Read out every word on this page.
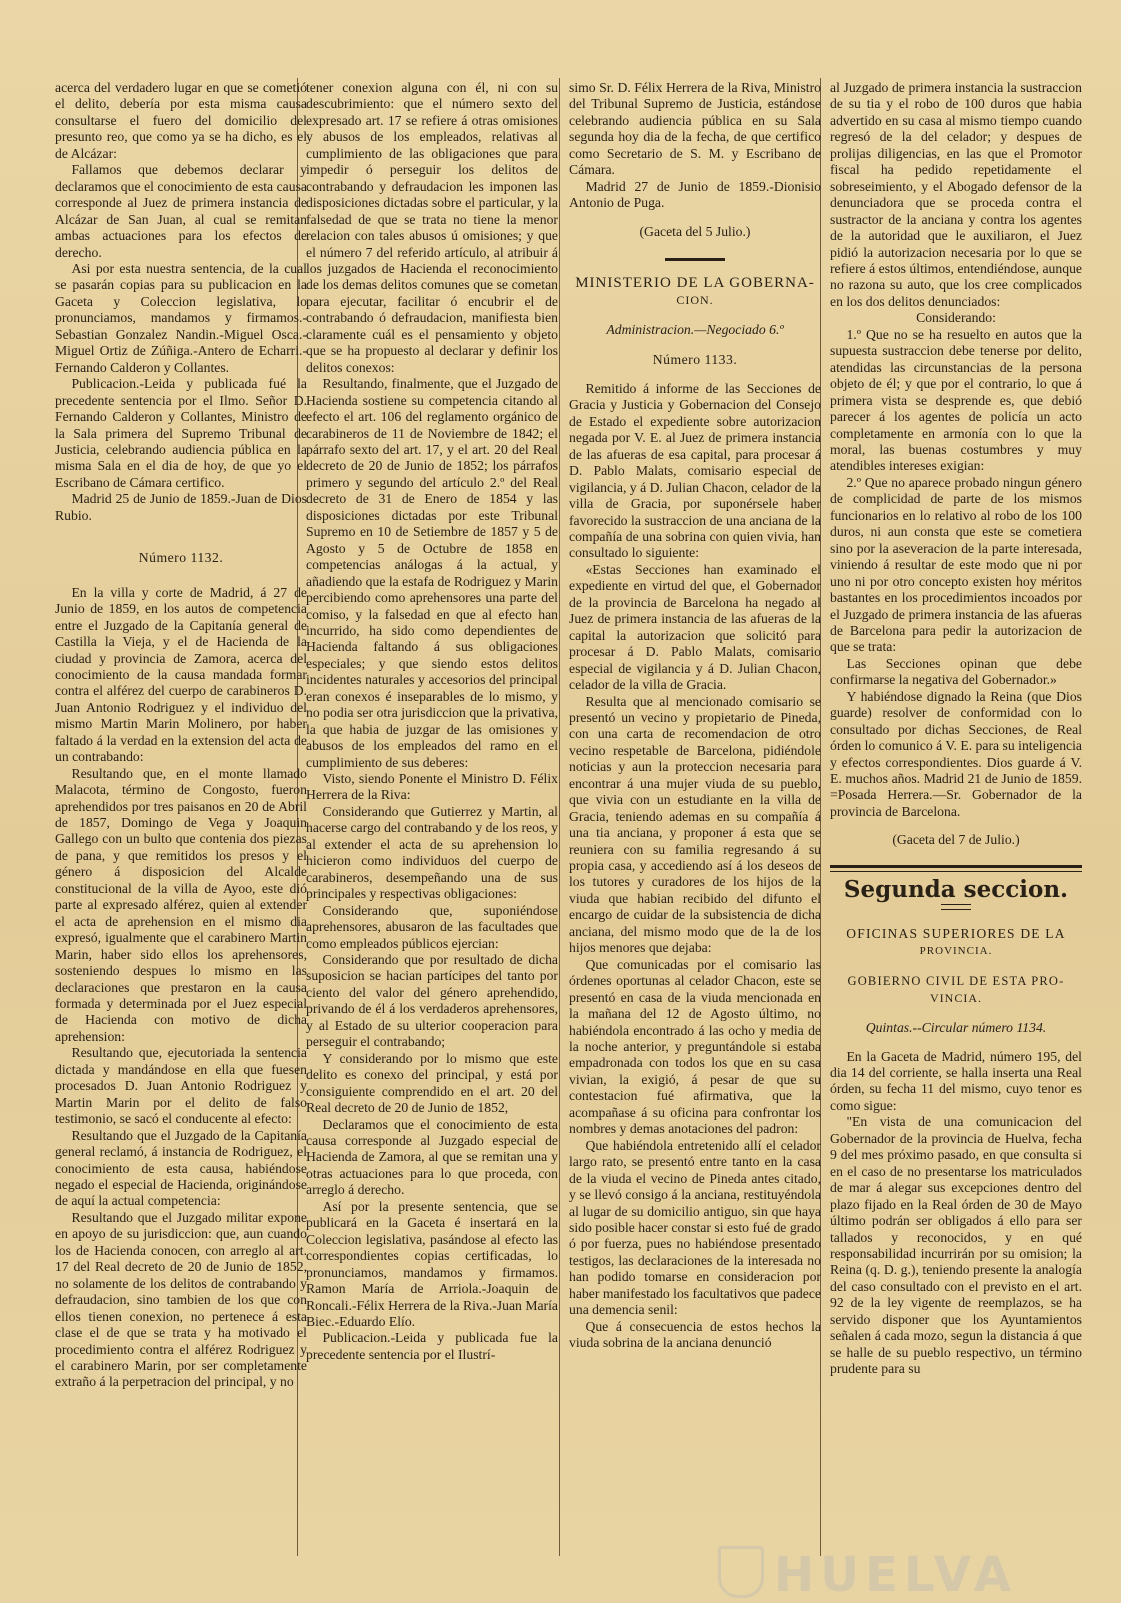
acerca del verdadero lugar en que se cometió el delito, debería por esta misma causa consultarse el fuero del domicilio del presunto reo, que como ya se ha dicho, es el de Alcázar:

Fallamos que debemos declarar y declaramos que el conocimiento de esta causa corresponde al Juez de primera instancia de Alcázar de San Juan, al cual se remitan ambas actuaciones para los efectos de derecho.

Asi por esta nuestra sentencia, de la cual se pasarán copias para su publicacion en la Gaceta y Coleccion legislativa, lo pronunciamos, mandamos y firmamos.-Sebastian Gonzalez Nandin.-Miguel Osca.-Miguel Ortiz de Zúñiga.-Antero de Echarri.-Fernando Calderon y Collantes.

Publicacion.-Leida y publicada fué la precedente sentencia por el Ilmo. Señor D. Fernando Calderon y Collantes, Ministro de la Sala primera del Supremo Tribunal de Justicia, celebrando audiencia pública en la misma Sala en el dia de hoy, de que yo el Escribano de Cámara certifico.

Madrid 25 de Junio de 1859.-Juan de Dios Rubio.

Número 1132.

En la villa y corte de Madrid, á 27 de Junio de 1859, en los autos de competencia entre el Juzgado de la Capitanía general de Castilla la Vieja, y el de Hacienda de la ciudad y provincia de Zamora, acerca del conocimiento de la causa mandada formar contra el alférez del cuerpo de carabineros D. Juan Antonio Rodriguez y el individuo del mismo Martin Marin Molinero, por haber faltado á la verdad en la extension del acta de un contrabando:

Resultando que, en el monte llamado Malacota, término de Congosto, fueron aprehendidos por tres paisanos en 20 de Abril de 1857, Domingo de Vega y Joaquin Gallego con un bulto que contenia dos piezas de pana, y que remitidos los presos y el género á disposicion del Alcalde constitucional de la villa de Ayoo, este dió parte al expresado alférez, quien al extender el acta de aprehension en el mismo dia expresó, igualmente que el carabinero Martin Marin, haber sido ellos los aprehensores, sosteniendo despues lo mismo en las declaraciones que prestaron en la causa formada y determinada por el Juez especial de Hacienda con motivo de dicha aprehension:

Resultando que, ejecutoriada la sentencia dictada y mandándose en ella que fuesen procesados D. Juan Antonio Rodriguez y Martin Marin por el delito de falso testimonio, se sacó el conducente al efecto:

Resultando que el Juzgado de la Capitanía general reclamó, á instancia de Rodriguez, el conocimiento de esta causa, habiéndose negado el especial de Hacienda, originándose de aquí la actual competencia:

Resultando que el Juzgado militar expone en apoyo de su jurisdiccion: que, aun cuando los de Hacienda conocen, con arreglo al art. 17 del Real decreto de 20 de Junio de 1852, no solamente de los delitos de contrabando y defraudacion, sino tambien de los que con ellos tienen conexion, no pertenece á esta clase el de que se trata y ha motivado el procedimiento contra el alférez Rodriguez y el carabinero Marin, por ser completamente extraño á la perpetracion del principal, y no

tener conexion alguna con él, ni con su descubrimiento: que el número sexto del expresado art. 17 se refiere á otras omisiones y abusos de los empleados, relativas al cumplimiento de las obligaciones que para impedir ó perseguir los delitos de contrabando y defraudacion les imponen las disposiciones dictadas sobre el particular, y la falsedad de que se trata no tiene la menor relacion con tales abusos ú omisiones; y que el número 7 del referido artículo, al atribuir á los juzgados de Hacienda el reconocimiento de los demas delitos comunes que se cometan para ejecutar, facilitar ó encubrir el de contrabando ó defraudacion, manifiesta bien claramente cuál es el pensamiento y objeto que se ha propuesto al declarar y definir los delitos conexos:

Resultando, finalmente, que el Juzgado de Hacienda sostiene su competencia citando al efecto el art. 106 del reglamento orgánico de carabineros de 11 de Noviembre de 1842; el párrafo sexto del art. 17, y el art. 20 del Real decreto de 20 de Junio de 1852; los párrafos primero y segundo del artículo 2.º del Real decreto de 31 de Enero de 1854 y las disposiciones dictadas por este Tribunal Supremo en 10 de Setiembre de 1857 y 5 de Agosto y 5 de Octubre de 1858 en competencias análogas á la actual, y añadiendo que la estafa de Rodriguez y Marin percibiendo como aprehensores una parte del comiso, y la falsedad en que al efecto han incurrido, ha sido como dependientes de Hacienda faltando á sus obligaciones especiales; y que siendo estos delitos incidentes naturales y accesorios del principal eran conexos é inseparables de lo mismo, y no podia ser otra jurisdiccion que la privativa, la que habia de juzgar de las omisiones y abusos de los empleados del ramo en el cumplimiento de sus deberes:

Visto, siendo Ponente el Ministro D. Félix Herrera de la Riva:

Considerando que Gutierrez y Martin, al hacerse cargo del contrabando y de los reos, y al extender el acta de su aprehension lo hicieron como individuos del cuerpo de carabineros, desempeñando una de sus principales y respectivas obligaciones:

Considerando que, suponiéndose aprehensores, abusaron de las facultades que como empleados públicos ejercian:

Considerando que por resultado de dicha suposicion se hacian partícipes del tanto por ciento del valor del género aprehendido, privando de él á los verdaderos aprehensores, y al Estado de su ulterior cooperacion para perseguir el contrabando;

Y considerando por lo mismo que este delito es conexo del principal, y está por consiguiente comprendido en el art. 20 del Real decreto de 20 de Junio de 1852,

Declaramos que el conocimiento de esta causa corresponde al Juzgado especial de Hacienda de Zamora, al que se remitan una y otras actuaciones para lo que proceda, con arreglo á derecho.

Así por la presente sentencia, que se publicará en la Gaceta é insertará en la Coleccion legislativa, pasándose al efecto las correspondientes copias certificadas, lo pronunciamos, mandamos y firmamos. Ramon María de Arriola.-Joaquin de Roncali.-Félix Herrera de la Riva.-Juan María Biec.-Eduardo Elío.

Publicacion.-Leida y publicada fue la precedente sentencia por el Ilustrí-

simo Sr. D. Félix Herrera de la Riva, Ministro del Tribunal Supremo de Justicia, estándose celebrando audiencia pública en su Sala segunda hoy dia de la fecha, de que certifico como Secretario de S. M. y Escribano de Cámara.

Madrid 27 de Junio de 1859.-Dionisio Antonio de Puga.

(Gaceta del 5 Julio.)

MINISTERIO DE LA GOBERNA-

CION.

Administracion.—Negociado 6.º

Número 1133.

Remitido á informe de las Secciones de Gracia y Justicia y Gobernacion del Consejo de Estado el expediente sobre autorizacion negada por V. E. al Juez de primera instancia de las afueras de esa capital, para procesar á D. Pablo Malats, comisario especial de vigilancia, y á D. Julian Chacon, celador de la villa de Gracia, por suponérsele haber favorecido la sustraccion de una anciana de la compañía de una sobrina con quien vivia, han consultado lo siguiente:

«Estas Secciones han examinado el expediente en virtud del que, el Gobernador de la provincia de Barcelona ha negado al Juez de primera instancia de las afueras de la capital la autorizacion que solicitó para procesar á D. Pablo Malats, comisario especial de vigilancia y á D. Julian Chacon, celador de la villa de Gracia.

Resulta que al mencionado comisario se presentó un vecino y propietario de Pineda, con una carta de recomendacion de otro vecino respetable de Barcelona, pidiéndole noticias y aun la proteccion necesaria para encontrar á una mujer viuda de su pueblo, que vivia con un estudiante en la villa de Gracia, teniendo ademas en su compañía á una tia anciana, y proponer á esta que se reuniera con su familia regresando á su propia casa, y accediendo así á los deseos de los tutores y curadores de los hijos de la viuda que habian recibido del difunto el encargo de cuidar de la subsistencia de dicha anciana, del mismo modo que de la de los hijos menores que dejaba:

Que comunicadas por el comisario las órdenes oportunas al celador Chacon, este se presentó en casa de la viuda mencionada en la mañana del 12 de Agosto último, no habiéndola encontrado á las ocho y media de la noche anterior, y preguntándole si estaba empadronada con todos los que en su casa vivian, la exigió, á pesar de que su contestacion fué afirmativa, que la acompañase á su oficina para confrontar los nombres y demas anotaciones del padron:

Que habiéndola entretenido allí el celador largo rato, se presentó entre tanto en la casa de la viuda el vecino de Pineda antes citado, y se llevó consigo á la anciana, restituyéndola al lugar de su domicilio antiguo, sin que haya sido posible hacer constar si esto fué de grado ó por fuerza, pues no habiéndose presentado testigos, las declaraciones de la interesada no han podido tomarse en consideracion por haber manifestado los facultativos que padece una demencia senil:

Que á consecuencia de estos hechos la viuda sobrina de la anciana denunció

al Juzgado de primera instancia la sustraccion de su tia y el robo de 100 duros que habia advertido en su casa al mismo tiempo cuando regresó de la del celador; y despues de prolijas diligencias, en las que el Promotor fiscal ha pedido repetidamente el sobreseimiento, y el Abogado defensor de la denunciadora que se proceda contra el sustractor de la anciana y contra los agentes de la autoridad que le auxiliaron, el Juez pidió la autorizacion necesaria por lo que se refiere á estos últimos, entendiéndose, aunque no razona su auto, que los cree complicados en los dos delitos denunciados:

Considerando:

1.º Que no se ha resuelto en autos que la supuesta sustraccion debe tenerse por delito, atendidas las circunstancias de la persona objeto de él; y que por el contrario, lo que á primera vista se desprende es, que debió parecer á los agentes de policía un acto completamente en armonía con lo que la moral, las buenas costumbres y muy atendibles intereses exigian:

2.º Que no aparece probado ningun género de complicidad de parte de los mismos funcionarios en lo relativo al robo de los 100 duros, ni aun consta que este se cometiera sino por la aseveracion de la parte interesada, viniendo á resultar de este modo que ni por uno ni por otro concepto existen hoy méritos bastantes en los procedimientos incoados por el Juzgado de primera instancia de las afueras de Barcelona para pedir la autorizacion de que se trata:

Las Secciones opinan que debe confirmarse la negativa del Gobernador.»

Y habiéndose dignado la Reina (que Dios guarde) resolver de conformidad con lo consultado por dichas Secciones, de Real órden lo comunico á V. E. para su inteligencia y efectos correspondientes. Dios guarde á V. E. muchos años. Madrid 21 de Junio de 1859. =Posada Herrera.—Sr. Gobernador de la provincia de Barcelona.

(Gaceta del 7 de Julio.)

Segunda seccion.

OFICINAS SUPERIORES DE LA

PROVINCIA.

GOBIERNO CIVIL DE ESTA PRO-

VINCIA.

Quintas.--Circular número 1134.

En la Gaceta de Madrid, número 195, del dia 14 del corriente, se halla inserta una Real órden, su fecha 11 del mismo, cuyo tenor es como sigue:

"En vista de una comunicacion del Gobernador de la provincia de Huelva, fecha 9 del mes próximo pasado, en que consulta si en el caso de no presentarse los matriculados de mar á alegar sus excepciones dentro del plazo fijado en la Real órden de 30 de Mayo último podrán ser obligados á ello para ser tallados y reconocidos, y en qué responsabilidad incurrirán por su omision; la Reina (q. D. g.), teniendo presente la analogía del caso consultado con el previsto en el art. 92 de la ley vigente de reemplazos, se ha servido disponer que los Ayuntamientos señalen á cada mozo, segun la distancia á que se halle de su pueblo respectivo, un término prudente para su

HUELVA
